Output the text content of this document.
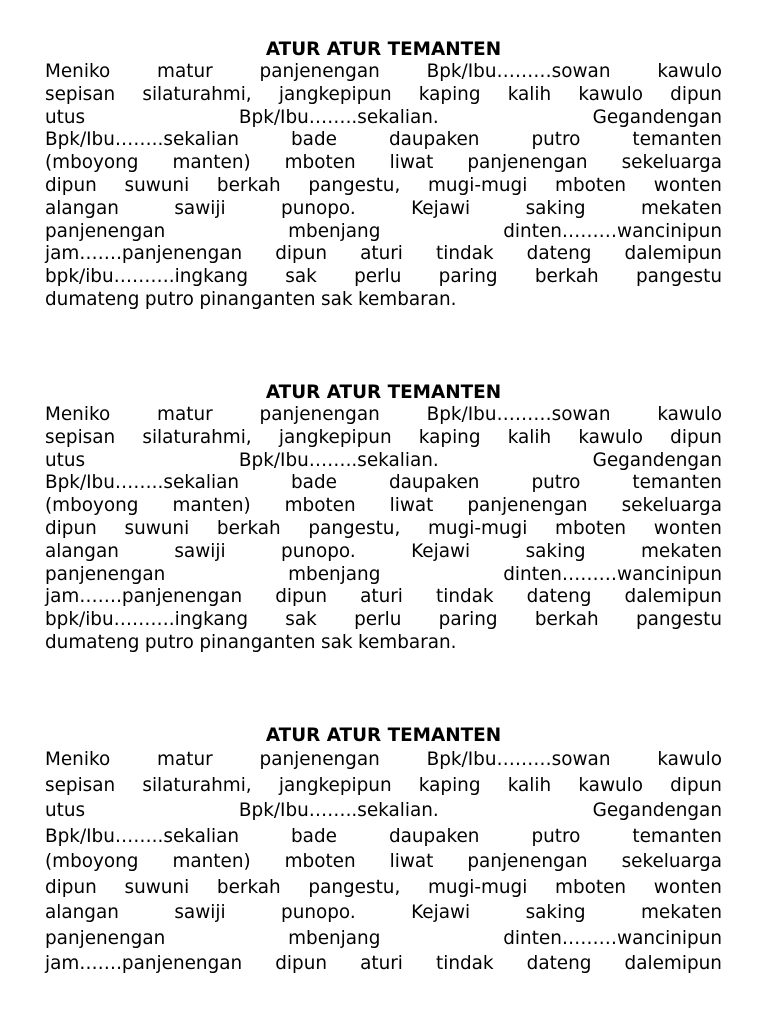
ATUR ATUR TEMANTEN
Meniko	matur	panjenengan	Bpk/Ibu………sowan	kawulo
sepisan silaturahmi, jangkepipun kaping kalih kawulo dipun
utus	Bpk/Ibu……..sekalian.	Gegandengan
Bpk/Ibu……..sekalian	bade	daupaken	putro	temanten
(mboyong manten) mboten liwat panjenengan sekeluarga
dipun suwuni berkah pangestu, mugi-mugi mboten wonten
alangan	sawiji	punopo.	Kejawi	saking	mekaten
panjenengan	mbenjang	dinten………wancinipun
jam…….panjenengan dipun aturi tindak dateng dalemipun
bpk/ibu……….ingkang sak perlu paring berkah pangestu
dumateng putro pinanganten sak kembaran.
ATUR ATUR TEMANTEN
Meniko	matur	panjenengan	Bpk/Ibu………sowan	kawulo
sepisan silaturahmi, jangkepipun kaping kalih kawulo dipun
utus	Bpk/Ibu……..sekalian.	Gegandengan
Bpk/Ibu……..sekalian	bade	daupaken	putro	temanten
(mboyong manten) mboten liwat panjenengan sekeluarga
dipun suwuni berkah pangestu, mugi-mugi mboten wonten
alangan	sawiji	punopo.	Kejawi	saking	mekaten
panjenengan	mbenjang	dinten………wancinipun
jam…….panjenengan dipun aturi tindak dateng dalemipun
bpk/ibu……….ingkang sak perlu paring berkah pangestu
dumateng putro pinanganten sak kembaran.
ATUR ATUR TEMANTEN
Meniko	matur	panjenengan	Bpk/Ibu………sowan	kawulo
sepisan silaturahmi, jangkepipun kaping kalih kawulo dipun
utus	Bpk/Ibu……..sekalian.	Gegandengan
Bpk/Ibu……..sekalian	bade	daupaken	putro	temanten
(mboyong manten) mboten liwat panjenengan sekeluarga
dipun suwuni berkah pangestu, mugi-mugi mboten wonten
alangan	sawiji	punopo.	Kejawi	saking	mekaten
panjenengan	mbenjang	dinten………wancinipun
jam…….panjenengan dipun aturi tindak dateng dalemipun
